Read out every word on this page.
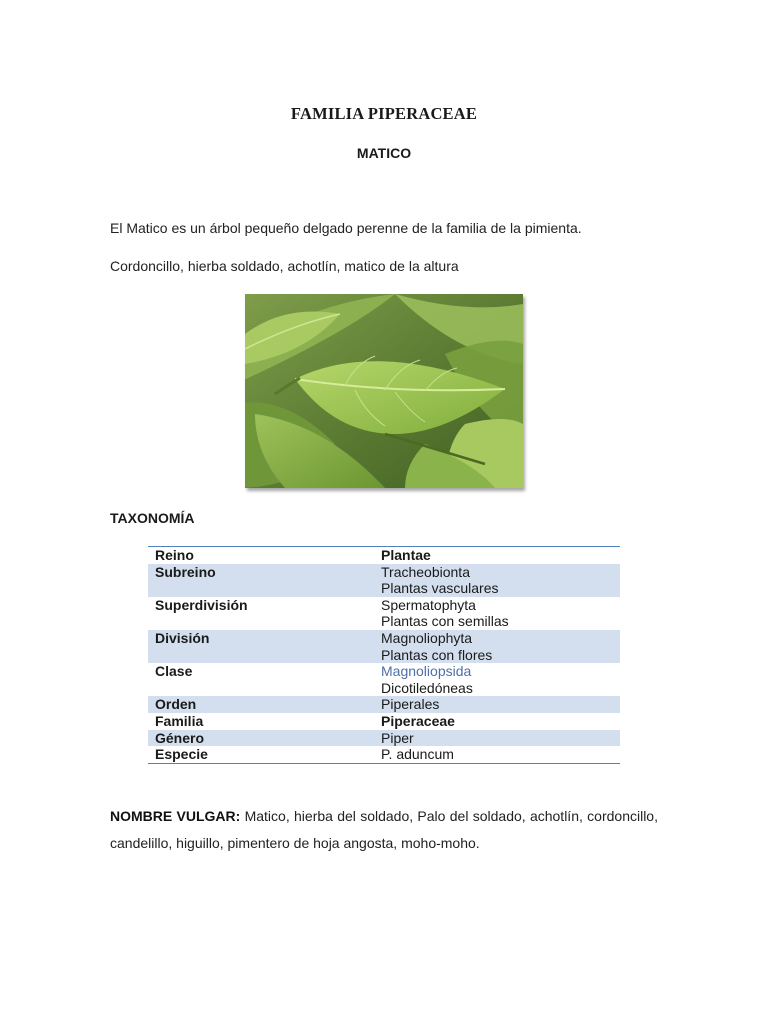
FAMILIA PIPERACEAE
MATICO
El Matico es un árbol pequeño delgado perenne de la familia de la pimienta.
Cordoncillo, hierba soldado, achotlín, matico de la altura
TAXONOMÍA
Reino	Plantae
Subreino	Tracheobionta
Plantas vasculares
Superdivisión	Spermatophyta
Plantas con semillas
División	Magnoliophyta
Plantas con flores
Clase	Magnoliopsida
Dicotiledóneas
Orden	Piperales
Familia	Piperaceae
Género	Piper
Especie	P. aduncum
NOMBRE VULGAR: Matico, hierba del soldado, Palo del soldado, achotlín, cordoncillo, candelillo, higuillo, pimentero de hoja angosta, moho-moho.
